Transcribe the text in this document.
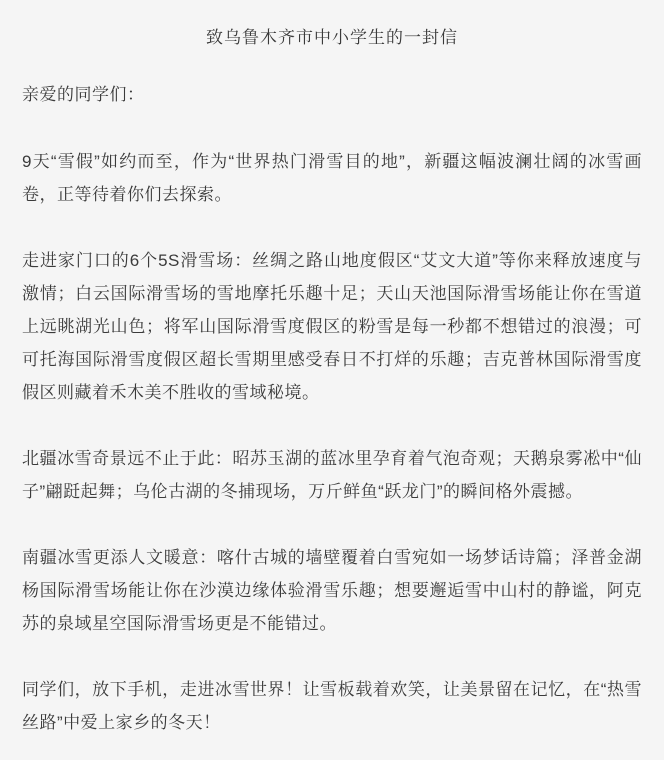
致乌鲁木齐市中小学生的一封信

亲爱的同学们：

9天“雪假”如约而至，作为“世界热门滑雪目的地”，新疆这幅波澜壮阔的冰雪画卷，正等待着你们去探索。

走进家门口的6个5S滑雪场：丝绸之路山地度假区“艾文大道”等你来释放速度与激情；白云国际滑雪场的雪地摩托乐趣十足；天山天池国际滑雪场能让你在雪道上远眺湖光山色；将军山国际滑雪度假区的粉雪是每一秒都不想错过的浪漫；可可托海国际滑雪度假区超长雪期里感受春日不打烊的乐趣；吉克普林国际滑雪度假区则藏着禾木美不胜收的雪域秘境。

北疆冰雪奇景远不止于此：昭苏玉湖的蓝冰里孕育着气泡奇观；天鹅泉雾凇中“仙子”翩跹起舞；乌伦古湖的冬捕现场，万斤鲜鱼“跃龙门”的瞬间格外震撼。

南疆冰雪更添人文暖意：喀什古城的墙壁覆着白雪宛如一场梦话诗篇；泽普金湖杨国际滑雪场能让你在沙漠边缘体验滑雪乐趣；想要邂逅雪中山村的静谧，阿克苏的泉域星空国际滑雪场更是不能错过。

同学们，放下手机，走进冰雪世界！让雪板载着欢笑，让美景留在记忆，在“热雪丝路”中爱上家乡的冬天！
